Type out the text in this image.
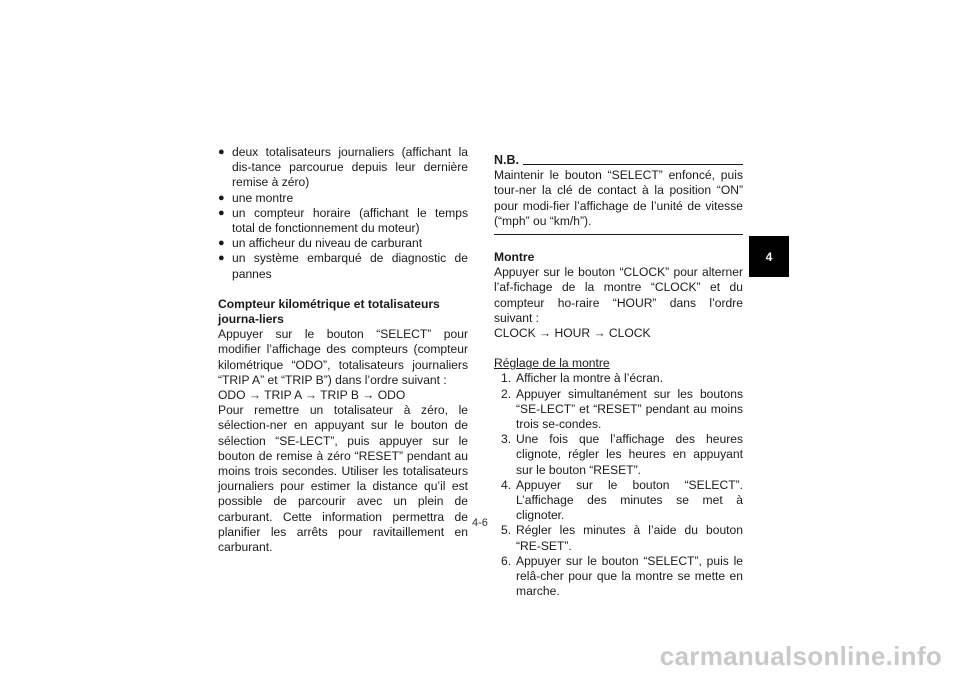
● deux totalisateurs journaliers (affichant la dis-tance parcourue depuis leur dernière remise à zéro)
● une montre
● un compteur horaire (affichant le temps total de fonctionnement du moteur)
● un afficheur du niveau de carburant
● un système embarqué de diagnostic de pannes
Compteur kilométrique et totalisateurs journa-liers
Appuyer sur le bouton “SELECT” pour modifier l’affichage des compteurs (compteur kilométrique “ODO”, totalisateurs journaliers “TRIP A” et “TRIP B”) dans l’ordre suivant :
ODO → TRIP A → TRIP B → ODO
Pour remettre un totalisateur à zéro, le sélection-ner en appuyant sur le bouton de sélection “SE-LECT”, puis appuyer sur le bouton de remise à zéro “RESET” pendant au moins trois secondes. Utiliser les totalisateurs journaliers pour estimer la distance qu’il est possible de parcourir avec un plein de carburant. Cette information permettra de planifier les arrêts pour ravitaillement en carburant.
N.B.
Maintenir le bouton “SELECT” enfoncé, puis tour-ner la clé de contact à la position “ON” pour modi-fier l’affichage de l’unité de vitesse (“mph” ou “km/h”).
Montre
Appuyer sur le bouton “CLOCK” pour alterner l’af-fichage de la montre “CLOCK” et du compteur ho-raire “HOUR” dans l’ordre suivant :
CLOCK → HOUR → CLOCK
Réglage de la montre
1. Afficher la montre à l’écran.
2. Appuyer simultanément sur les boutons “SE-LECT” et “RESET” pendant au moins trois se-condes.
3. Une fois que l’affichage des heures clignote, régler les heures en appuyant sur le bouton “RESET”.
4. Appuyer sur le bouton “SELECT”. L’affichage des minutes se met à clignoter.
5. Régler les minutes à l’aide du bouton “RE-SET”.
6. Appuyer sur le bouton “SELECT”, puis le relâ-cher pour que la montre se mette en marche.
4
4-6
carmanualsonline.info
